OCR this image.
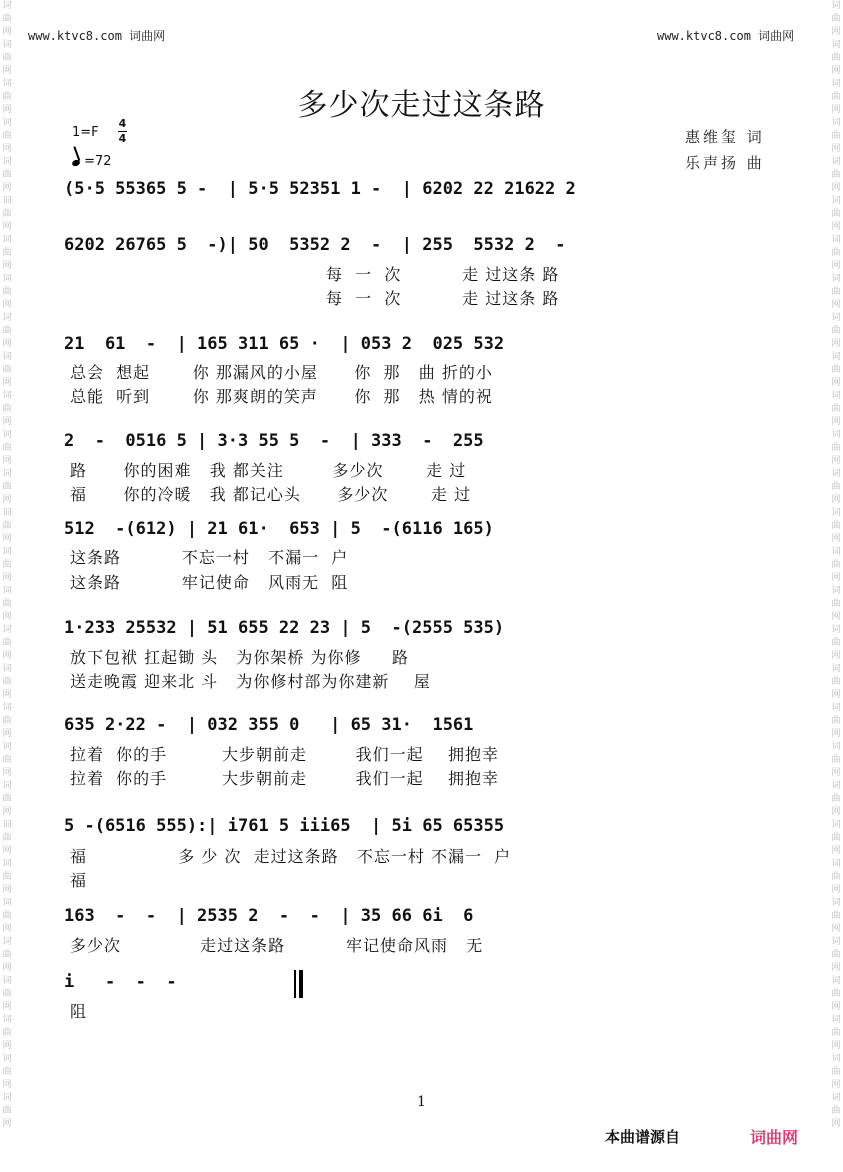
词曲网词曲网词曲网词曲网词曲网词曲网词曲网词曲网词曲网词曲网词曲网词曲网词曲网词曲网词曲网词曲网词曲网词曲网词曲网词曲网词曲网词曲网词曲网词曲网词曲网词曲网词曲网词曲网词曲网
词曲网词曲网词曲网词曲网词曲网词曲网词曲网词曲网词曲网词曲网词曲网词曲网词曲网词曲网词曲网词曲网词曲网词曲网词曲网词曲网词曲网词曲网词曲网词曲网词曲网词曲网词曲网词曲网词曲网
www.ktvc8.com 词曲网	www.ktvc8.com 词曲网
多少次走过这条路
1=F
4
4
=72
惠维玺 词
乐声扬 曲
(5·5 55365 5 -  | 5·5 52351 1 -  | 6202 22 21622 2
6202 26765 5  -)| 50  5352 2  -  | 255  5532 2  -
每  一  次          走 过这条 路
每  一  次          走 过这条 路
21  61  -  | 165 311 65 ·  | 053 2  025 532
总会  想起       你 那漏风的小屋      你  那   曲 折的小
总能  听到       你 那爽朗的笑声      你  那   热 情的祝
2  -  0516 5 | 3·3 55 5  -  | 333  -  255
路      你的困难   我 都关注        多少次       走 过
福      你的冷暖   我 都记心头      多少次       走 过
512  -(612) | 21 61·  653 | 5  -(6116 165)
这条路          不忘一村   不漏一  户
这条路          牢记使命   风雨无  阻
1·233 25532 | 51 655 22 23 | 5  -(2555 535)
放下包袱 扛起锄 头   为你架桥 为你修     路
送走晚霞 迎来北 斗   为你修村部为你建新    屋
635 2·22 -  | 032 355 0   | 65 31·  1561
拉着  你的手         大步朝前走        我们一起    拥抱幸
拉着  你的手         大步朝前走        我们一起    拥抱幸
5 -(6516 555):| i761 5 iii65  | 5i 65 65355
福               多 少 次  走过这条路   不忘一村 不漏一  户
福
163  -  -  | 2535 2  -  -  | 35 66 6i  6
多少次             走过这条路          牢记使命风雨   无
i   -  -  -
阻
1
本曲谱源自	词曲网
